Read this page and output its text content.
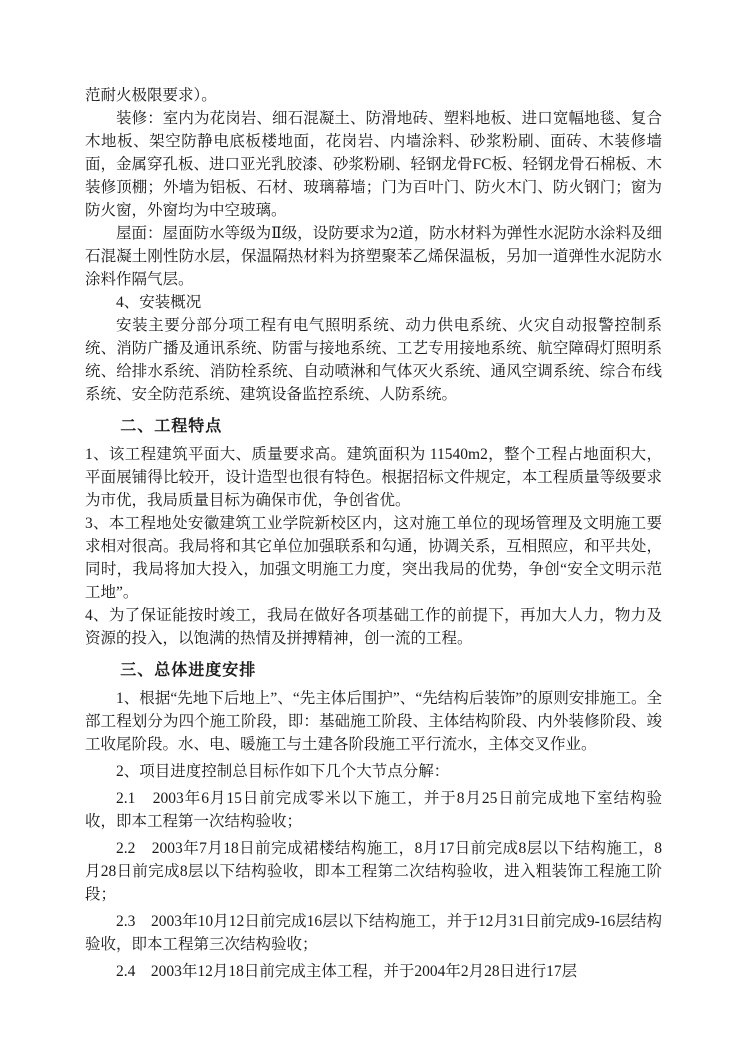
范耐火极限要求）。

装修：室内为花岗岩、细石混凝土、防滑地砖、塑料地板、进口宽幅地毯、复合木地板、架空防静电底板楼地面，花岗岩、内墙涂料、砂浆粉刷、面砖、木装修墙面，金属穿孔板、进口亚光乳胶漆、砂浆粉刷、轻钢龙骨FC板、轻钢龙骨石棉板、木装修顶棚；外墙为铝板、石材、玻璃幕墙；门为百叶门、防火木门、防火钢门；窗为防火窗，外窗均为中空玻璃。

屋面：屋面防水等级为Ⅱ级，设防要求为2道，防水材料为弹性水泥防水涂料及细石混凝土刚性防水层，保温隔热材料为挤塑聚苯乙烯保温板，另加一道弹性水泥防水涂料作隔气层。

4、安装概况

安装主要分部分项工程有电气照明系统、动力供电系统、火灾自动报警控制系统、消防广播及通讯系统、防雷与接地系统、工艺专用接地系统、航空障碍灯照明系统、给排水系统、消防栓系统、自动喷淋和气体灭火系统、通风空调系统、综合布线系统、安全防范系统、建筑设备监控系统、人防系统。

二、工程特点

1、该工程建筑平面大、质量要求高。建筑面积为 11540m2，整个工程占地面积大，平面展铺得比较开，设计造型也很有特色。根据招标文件规定，本工程质量等级要求为市优，我局质量目标为确保市优，争创省优。

3、本工程地处安徽建筑工业学院新校区内，这对施工单位的现场管理及文明施工要求相对很高。我局将和其它单位加强联系和勾通，协调关系，互相照应，和平共处，同时，我局将加大投入，加强文明施工力度，突出我局的优势，争创“安全文明示范工地”。

4、为了保证能按时竣工，我局在做好各项基础工作的前提下，再加大人力，物力及资源的投入，以饱满的热情及拼搏精神，创一流的工程。

三、总体进度安排

1、根据“先地下后地上”、“先主体后围护”、“先结构后装饰”的原则安排施工。全部工程划分为四个施工阶段，即：基础施工阶段、主体结构阶段、内外装修阶段、竣工收尾阶段。水、电、暖施工与土建各阶段施工平行流水，主体交叉作业。

2、项目进度控制总目标作如下几个大节点分解：

2.1　2003年6月15日前完成零米以下施工，并于8月25日前完成地下室结构验收，即本工程第一次结构验收；

2.2　2003年7月18日前完成裙楼结构施工，8月17日前完成8层以下结构施工，8月28日前完成8层以下结构验收，即本工程第二次结构验收，进入粗装饰工程施工阶段；

2.3　2003年10月12日前完成16层以下结构施工，并于12月31日前完成9-16层结构验收，即本工程第三次结构验收；

2.4　2003年12月18日前完成主体工程，并于2004年2月28日进行17层
